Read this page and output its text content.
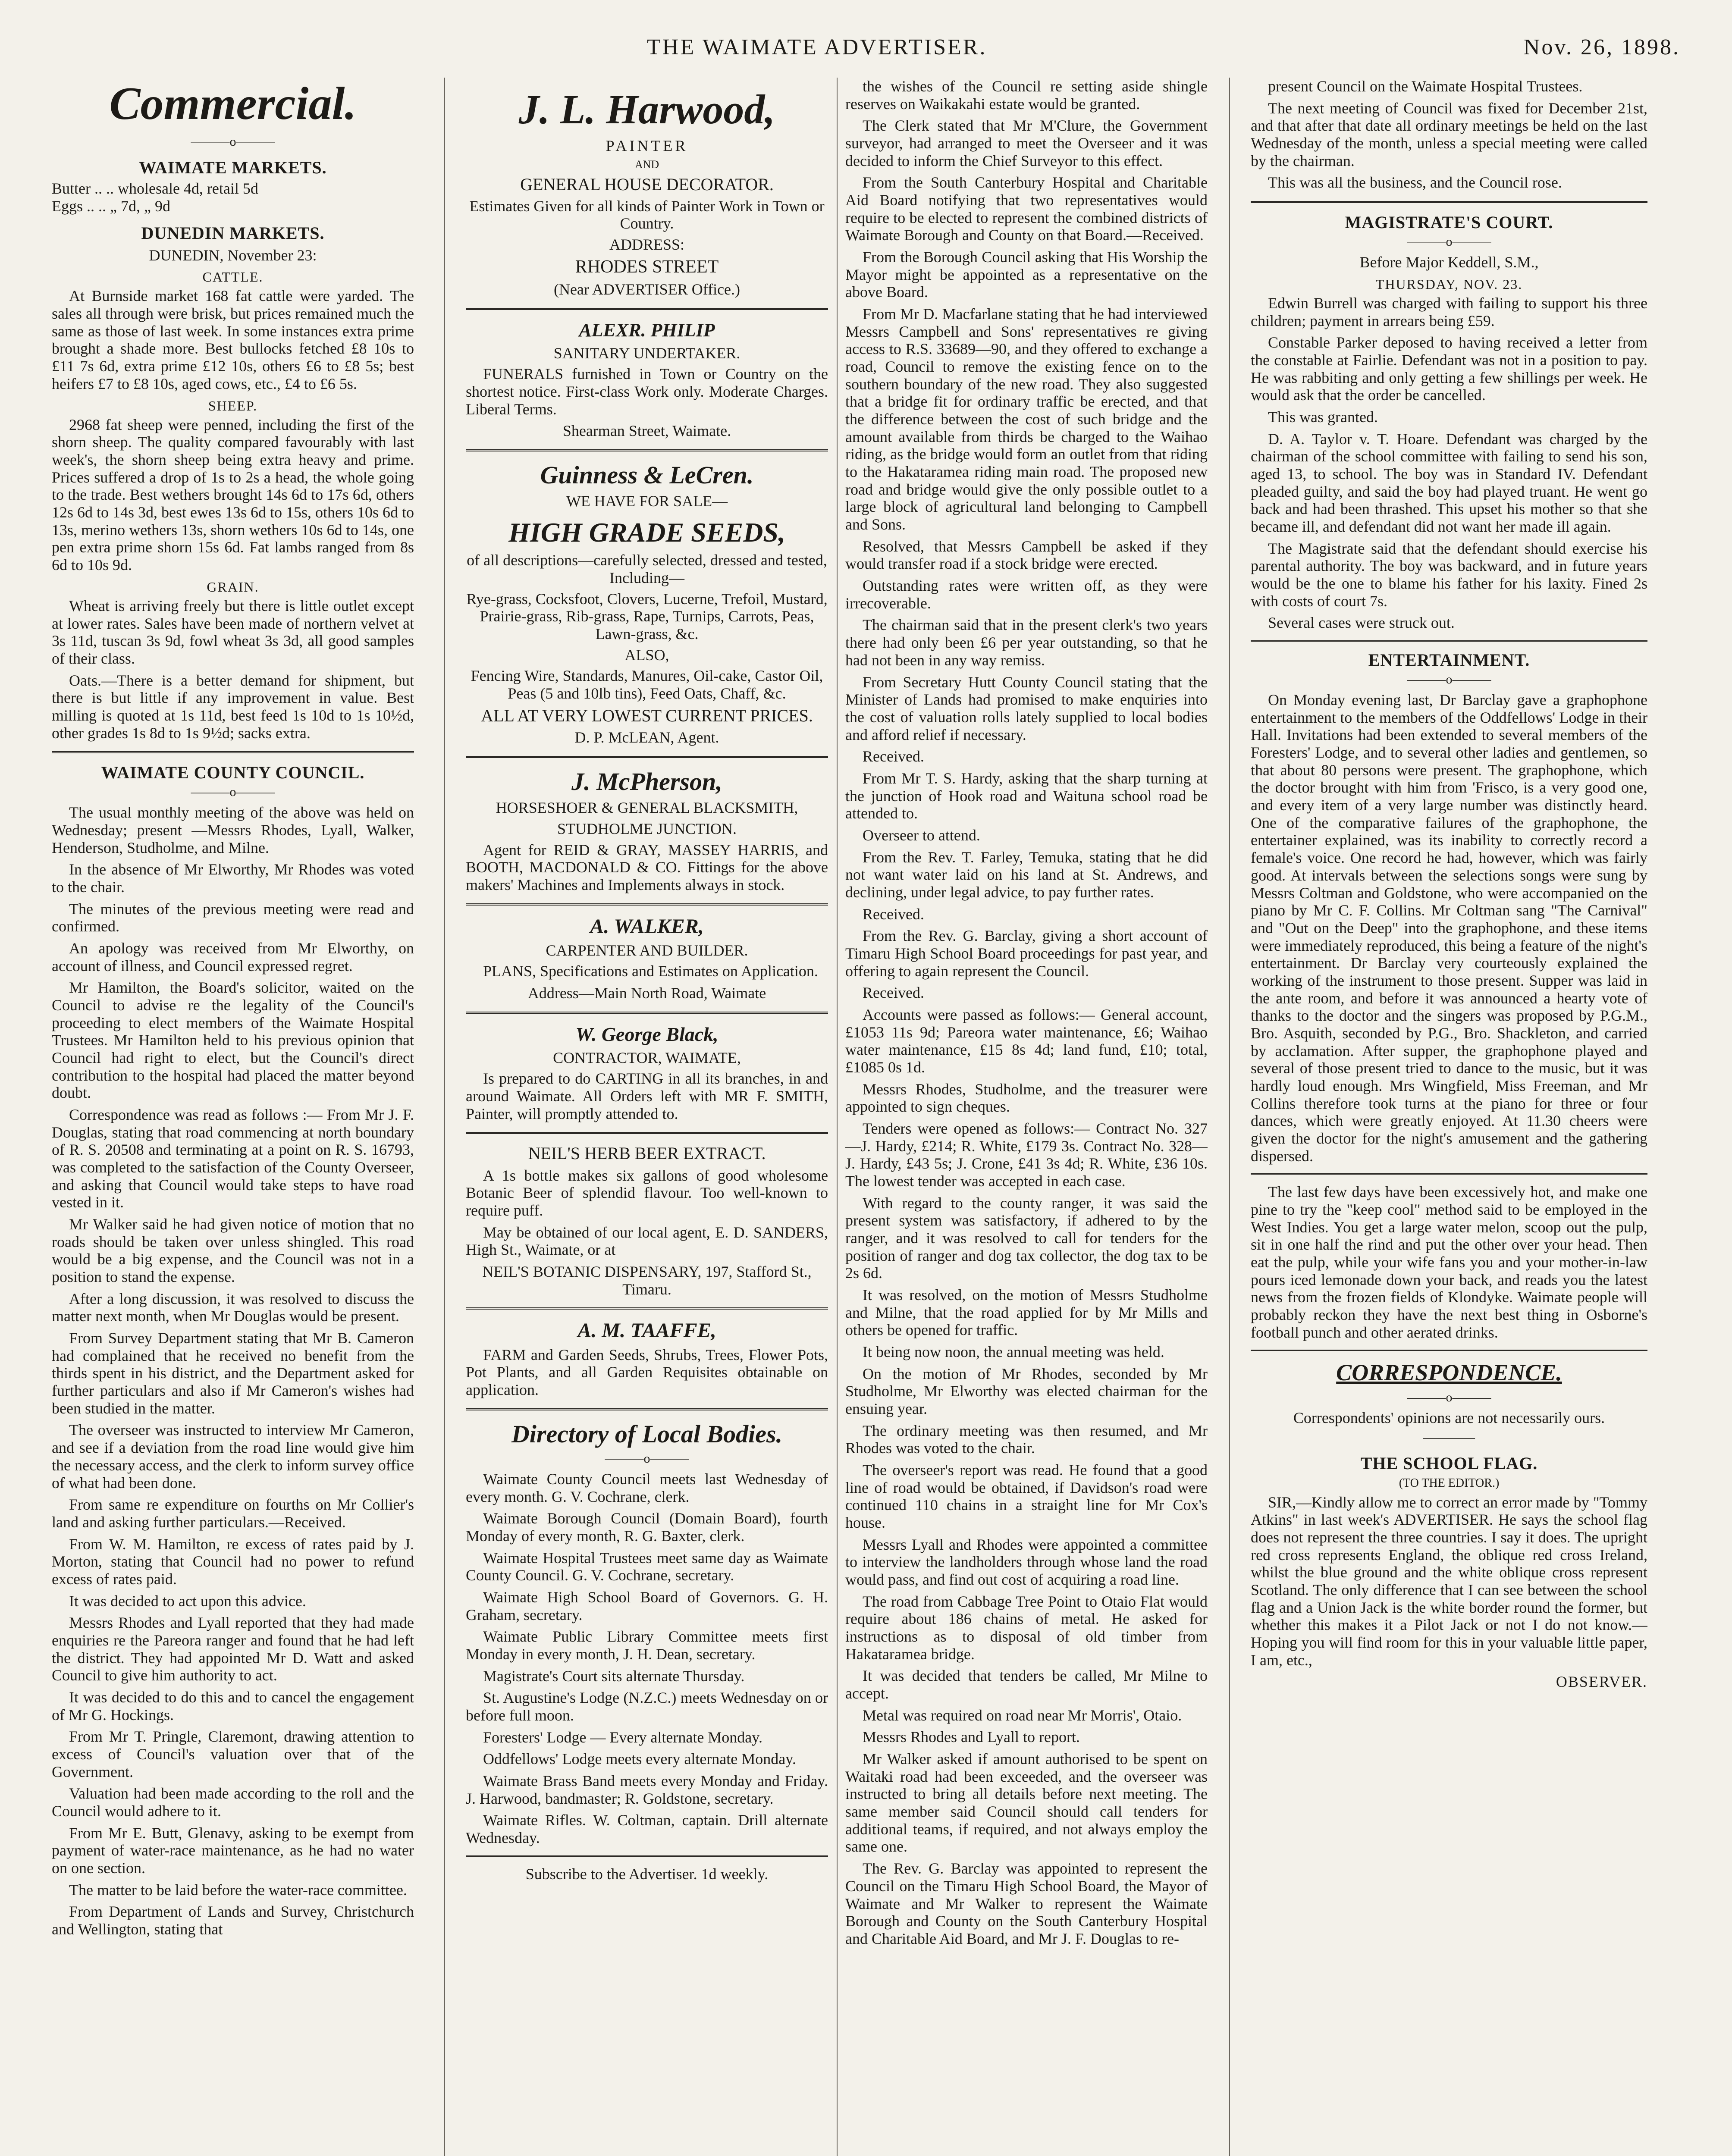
THE WAIMATE ADVERTISER.	Nov. 26, 1898.
Commercial.
———o———
WAIMATE MARKETS.
Butter .. .. wholesale 4d, retail 5d
Eggs .. .. „ 7d, „ 9d
DUNEDIN MARKETS.
DUNEDIN, November 23:
CATTLE.

At Burnside market 168 fat cattle were yarded. The sales all through were brisk, but prices remained much the same as those of last week. In some instances extra prime brought a shade more. Best bullocks fetched £8 10s to £11 7s 6d, extra prime £12 10s, others £6 to £8 5s; best heifers £7 to £8 10s, aged cows, etc., £4 to £6 5s.

SHEEP.

2968 fat sheep were penned, including the first of the shorn sheep. The quality compared favourably with last week's, the shorn sheep being extra heavy and prime. Prices suffered a drop of 1s to 2s a head, the whole going to the trade. Best wethers brought 14s 6d to 17s 6d, others 12s 6d to 14s 3d, best ewes 13s 6d to 15s, others 10s 6d to 13s, merino wethers 13s, shorn wethers 10s 6d to 14s, one pen extra prime shorn 15s 6d. Fat lambs ranged from 8s 6d to 10s 9d.

GRAIN.

Wheat is arriving freely but there is little outlet except at lower rates. Sales have been made of northern velvet at 3s 11d, tuscan 3s 9d, fowl wheat 3s 3d, all good samples of their class.

Oats.—There is a better demand for shipment, but there is but little if any improvement in value. Best milling is quoted at 1s 11d, best feed 1s 10d to 1s 10½d, other grades 1s 8d to 1s 9½d; sacks extra.

WAIMATE COUNTY COUNCIL.
———o———

The usual monthly meeting of the above was held on Wednesday; present —Messrs Rhodes, Lyall, Walker, Henderson, Studholme, and Milne.

In the absence of Mr Elworthy, Mr Rhodes was voted to the chair.

The minutes of the previous meeting were read and confirmed.

An apology was received from Mr Elworthy, on account of illness, and Council expressed regret.

Mr Hamilton, the Board's solicitor, waited on the Council to advise re the legality of the Council's proceeding to elect members of the Waimate Hospital Trustees. Mr Hamilton held to his previous opinion that Council had right to elect, but the Council's direct contribution to the hospital had placed the matter beyond doubt.

Correspondence was read as follows :— From Mr J. F. Douglas, stating that road commencing at north boundary of R. S. 20508 and terminating at a point on R. S. 16793, was completed to the satisfaction of the County Overseer, and asking that Council would take steps to have road vested in it.

Mr Walker said he had given notice of motion that no roads should be taken over unless shingled. This road would be a big expense, and the Council was not in a position to stand the expense.

After a long discussion, it was resolved to discuss the matter next month, when Mr Douglas would be present.

From Survey Department stating that Mr B. Cameron had complained that he received no benefit from the thirds spent in his district, and the Department asked for further particulars and also if Mr Cameron's wishes had been studied in the matter.

The overseer was instructed to interview Mr Cameron, and see if a deviation from the road line would give him the necessary access, and the clerk to inform survey office of what had been done.

From same re expenditure on fourths on Mr Collier's land and asking further particulars.—Received.

From W. M. Hamilton, re excess of rates paid by J. Morton, stating that Council had no power to refund excess of rates paid.

It was decided to act upon this advice.

Messrs Rhodes and Lyall reported that they had made enquiries re the Pareora ranger and found that he had left the district. They had appointed Mr D. Watt and asked Council to give him authority to act.

It was decided to do this and to cancel the engagement of Mr G. Hockings.

From Mr T. Pringle, Claremont, drawing attention to excess of Council's valuation over that of the Government.

Valuation had been made according to the roll and the Council would adhere to it.

From Mr E. Butt, Glenavy, asking to be exempt from payment of water-race maintenance, as he had no water on one section.

The matter to be laid before the water-race committee.

From Department of Lands and Survey, Christchurch and Wellington, stating that

J. L. Harwood,
PAINTER
AND
GENERAL HOUSE DECORATOR.
Estimates Given for all kinds of Painter Work in Town or Country.
ADDRESS:
RHODES STREET
(Near ADVERTISER Office.)
ALEXR. PHILIP
SANITARY UNDERTAKER.

FUNERALS furnished in Town or Country on the shortest notice. First-class Work only. Moderate Charges. Liberal Terms.

Shearman Street, Waimate.
Guinness & LeCren.
WE HAVE FOR SALE—
HIGH GRADE SEEDS,
of all descriptions—carefully selected, dressed and tested, Including—
Rye-grass, Cocksfoot, Clovers, Lucerne, Trefoil, Mustard, Prairie-grass, Rib-grass, Rape, Turnips, Carrots, Peas, Lawn-grass, &c.
ALSO,
Fencing Wire, Standards, Manures, Oil-cake, Castor Oil, Peas (5 and 10lb tins), Feed Oats, Chaff, &c.
ALL AT VERY LOWEST CURRENT PRICES.
D. P. McLEAN, Agent.
J. McPherson,
HORSESHOER & GENERAL BLACKSMITH,
STUDHOLME JUNCTION.

Agent for REID & GRAY, MASSEY HARRIS, and BOOTH, MACDONALD & CO. Fittings for the above makers' Machines and Implements always in stock.

A. WALKER,
CARPENTER AND BUILDER.

PLANS, Specifications and Estimates on Application.

Address—Main North Road, Waimate
W. George Black,
CONTRACTOR, WAIMATE,

Is prepared to do CARTING in all its branches, in and around Waimate. All Orders left with MR F. SMITH, Painter, will promptly attended to.

NEIL'S HERB BEER EXTRACT.

A 1s bottle makes six gallons of good wholesome Botanic Beer of splendid flavour. Too well-known to require puff.

May be obtained of our local agent, E. D. SANDERS, High St., Waimate, or at

NEIL'S BOTANIC DISPENSARY, 197, Stafford St., Timaru.
A. M. TAAFFE,

FARM and Garden Seeds, Shrubs, Trees, Flower Pots, Pot Plants, and all Garden Requisites obtainable on application.

Directory of Local Bodies.
———o———

Waimate County Council meets last Wednesday of every month. G. V. Cochrane, clerk.

Waimate Borough Council (Domain Board), fourth Monday of every month, R. G. Baxter, clerk.

Waimate Hospital Trustees meet same day as Waimate County Council. G. V. Cochrane, secretary.

Waimate High School Board of Governors. G. H. Graham, secretary.

Waimate Public Library Committee meets first Monday in every month, J. H. Dean, secretary.

Magistrate's Court sits alternate Thursday.

St. Augustine's Lodge (N.Z.C.) meets Wednesday on or before full moon.

Foresters' Lodge — Every alternate Monday.

Oddfellows' Lodge meets every alternate Monday.

Waimate Brass Band meets every Monday and Friday. J. Harwood, bandmaster; R. Goldstone, secretary.

Waimate Rifles. W. Coltman, captain. Drill alternate Wednesday.

Subscribe to the Advertiser. 1d weekly.

the wishes of the Council re setting aside shingle reserves on Waikakahi estate would be granted.

The Clerk stated that Mr M'Clure, the Government surveyor, had arranged to meet the Overseer and it was decided to inform the Chief Surveyor to this effect.

From the South Canterbury Hospital and Charitable Aid Board notifying that two representatives would require to be elected to represent the combined districts of Waimate Borough and County on that Board.—Received.

From the Borough Council asking that His Worship the Mayor might be appointed as a representative on the above Board.

From Mr D. Macfarlane stating that he had interviewed Messrs Campbell and Sons' representatives re giving access to R.S. 33689—90, and they offered to exchange a road, Council to remove the existing fence on to the southern boundary of the new road. They also suggested that a bridge fit for ordinary traffic be erected, and that the difference between the cost of such bridge and the amount available from thirds be charged to the Waihao riding, as the bridge would form an outlet from that riding to the Hakataramea riding main road. The proposed new road and bridge would give the only possible outlet to a large block of agricultural land belonging to Campbell and Sons.

Resolved, that Messrs Campbell be asked if they would transfer road if a stock bridge were erected.

Outstanding rates were written off, as they were irrecoverable.

The chairman said that in the present clerk's two years there had only been £6 per year outstanding, so that he had not been in any way remiss.

From Secretary Hutt County Council stating that the Minister of Lands had promised to make enquiries into the cost of valuation rolls lately supplied to local bodies and afford relief if necessary.

Received.

From Mr T. S. Hardy, asking that the sharp turning at the junction of Hook road and Waituna school road be attended to.

Overseer to attend.

From the Rev. T. Farley, Temuka, stating that he did not want water laid on his land at St. Andrews, and declining, under legal advice, to pay further rates.

Received.

From the Rev. G. Barclay, giving a short account of Timaru High School Board proceedings for past year, and offering to again represent the Council.

Received.

Accounts were passed as follows:— General account, £1053 11s 9d; Pareora water maintenance, £6; Waihao water maintenance, £15 8s 4d; land fund, £10; total, £1085 0s 1d.

Messrs Rhodes, Studholme, and the treasurer were appointed to sign cheques.

Tenders were opened as follows:— Contract No. 327—J. Hardy, £214; R. White, £179 3s. Contract No. 328—J. Hardy, £43 5s; J. Crone, £41 3s 4d; R. White, £36 10s. The lowest tender was accepted in each case.

With regard to the county ranger, it was said the present system was satisfactory, if adhered to by the ranger, and it was resolved to call for tenders for the position of ranger and dog tax collector, the dog tax to be 2s 6d.

It was resolved, on the motion of Messrs Studholme and Milne, that the road applied for by Mr Mills and others be opened for traffic.

It being now noon, the annual meeting was held.

On the motion of Mr Rhodes, seconded by Mr Studholme, Mr Elworthy was elected chairman for the ensuing year.

The ordinary meeting was then resumed, and Mr Rhodes was voted to the chair.

The overseer's report was read. He found that a good line of road would be obtained, if Davidson's road were continued 110 chains in a straight line for Mr Cox's house.

Messrs Lyall and Rhodes were appointed a committee to interview the landholders through whose land the road would pass, and find out cost of acquiring a road line.

The road from Cabbage Tree Point to Otaio Flat would require about 186 chains of metal. He asked for instructions as to disposal of old timber from Hakataramea bridge.

It was decided that tenders be called, Mr Milne to accept.

Metal was required on road near Mr Morris', Otaio.

Messrs Rhodes and Lyall to report.

Mr Walker asked if amount authorised to be spent on Waitaki road had been exceeded, and the overseer was instructed to bring all details before next meeting. The same member said Council should call tenders for additional teams, if required, and not always employ the same one.

The Rev. G. Barclay was appointed to represent the Council on the Timaru High School Board, the Mayor of Waimate and Mr Walker to represent the Waimate Borough and County on the South Canterbury Hospital and Charitable Aid Board, and Mr J. F. Douglas to re-

present Council on the Waimate Hospital Trustees.

The next meeting of Council was fixed for December 21st, and that after that date all ordinary meetings be held on the last Wednesday of the month, unless a special meeting were called by the chairman.

This was all the business, and the Council rose.

MAGISTRATE'S COURT.
———o———
Before Major Keddell, S.M.,
THURSDAY, NOV. 23.

Edwin Burrell was charged with failing to support his three children; payment in arrears being £59.

Constable Parker deposed to having received a letter from the constable at Fairlie. Defendant was not in a position to pay. He was rabbiting and only getting a few shillings per week. He would ask that the order be cancelled.

This was granted.

D. A. Taylor v. T. Hoare. Defendant was charged by the chairman of the school committee with failing to send his son, aged 13, to school. The boy was in Standard IV. Defendant pleaded guilty, and said the boy had played truant. He went go back and had been thrashed. This upset his mother so that she became ill, and defendant did not want her made ill again.

The Magistrate said that the defendant should exercise his parental authority. The boy was backward, and in future years would be the one to blame his father for his laxity. Fined 2s with costs of court 7s.

Several cases were struck out.

ENTERTAINMENT.
———o———

On Monday evening last, Dr Barclay gave a graphophone entertainment to the members of the Oddfellows' Lodge in their Hall. Invitations had been extended to several members of the Foresters' Lodge, and to several other ladies and gentlemen, so that about 80 persons were present. The graphophone, which the doctor brought with him from 'Frisco, is a very good one, and every item of a very large number was distinctly heard. One of the comparative failures of the graphophone, the entertainer explained, was its inability to correctly record a female's voice. One record he had, however, which was fairly good. At intervals between the selections songs were sung by Messrs Coltman and Goldstone, who were accompanied on the piano by Mr C. F. Collins. Mr Coltman sang "The Carnival" and "Out on the Deep" into the graphophone, and these items were immediately reproduced, this being a feature of the night's entertainment. Dr Barclay very courteously explained the working of the instrument to those present. Supper was laid in the ante room, and before it was announced a hearty vote of thanks to the doctor and the singers was proposed by P.G.M., Bro. Asquith, seconded by P.G., Bro. Shackleton, and carried by acclamation. After supper, the graphophone played and several of those present tried to dance to the music, but it was hardly loud enough. Mrs Wingfield, Miss Freeman, and Mr Collins therefore took turns at the piano for three or four dances, which were greatly enjoyed. At 11.30 cheers were given the doctor for the night's amusement and the gathering dispersed.

The last few days have been excessively hot, and make one pine to try the "keep cool" method said to be employed in the West Indies. You get a large water melon, scoop out the pulp, sit in one half the rind and put the other over your head. Then eat the pulp, while your wife fans you and your mother-in-law pours iced lemonade down your back, and reads you the latest news from the frozen fields of Klondyke. Waimate people will probably reckon they have the next best thing in Osborne's football punch and other aerated drinks.

CORRESPONDENCE.
———o———
Correspondents' opinions are not necessarily ours.
————
THE SCHOOL FLAG.
(TO THE EDITOR.)

SIR,—Kindly allow me to correct an error made by "Tommy Atkins" in last week's ADVERTISER. He says the school flag does not represent the three countries. I say it does. The upright red cross represents England, the oblique red cross Ireland, whilst the blue ground and the white oblique cross represent Scotland. The only difference that I can see between the school flag and a Union Jack is the white border round the former, but whether this makes it a Pilot Jack or not I do not know.—Hoping you will find room for this in your valuable little paper, I am, etc.,

OBSERVER.
